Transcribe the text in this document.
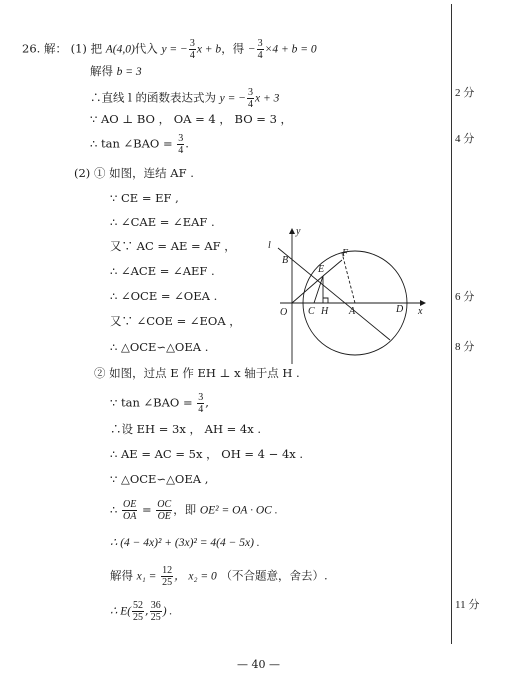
26. 解： (1) 把 A(4,0)代入 y = − $\frac{3}{4}$ x + b，得 − $\frac{3}{4} \times 4 + b = 0$
解得 b = 3
∴直线 l 的函数表达式为 y = − $\frac{3}{4}$ x + 3
∵ AO ⊥ BO ， OA = 4 ， BO = 3 ，
∴ tan ∠BAO = $\frac{3}{4}$ .
(2) ① 如图，连结 AF .
∵ CE = EF ,
∴ ∠CAE = ∠EAF .
又∵ AC = AE = AF ，
∴ ∠ACE = ∠AEF .
∴ ∠OCE = ∠OEA .
又∵ ∠COE = ∠EOA ，
∴ △OCE∽△OEA .
② 如图，过点 E 作 EH ⊥ x 轴于点 H .
∵ tan ∠BAO = $\frac{3}{4}$ ,
∴设 EH = 3x ， AH = 4x .
∴ AE = AC = 5x ， OH = 4 − 4x .
∵ △OCE∽△OEA ,
∴ $\frac{OE}{OA} = \frac{OC}{OE}$ ，即 OE² = OA · OC .
∴ (4 − 4x)² + (3x)² = 4(4 − 5x) .
解得 $x_1 = \frac{12}{25}$ ， x₂ = 0 （不合题意，舍去）.
∴ $E( \frac{52}{25}$ , $\frac{36}{25}$ ) .
l
y
B
E
F
O C H A	D x
2 分
4 分
6 分
8 分
11 分
— 40 —
